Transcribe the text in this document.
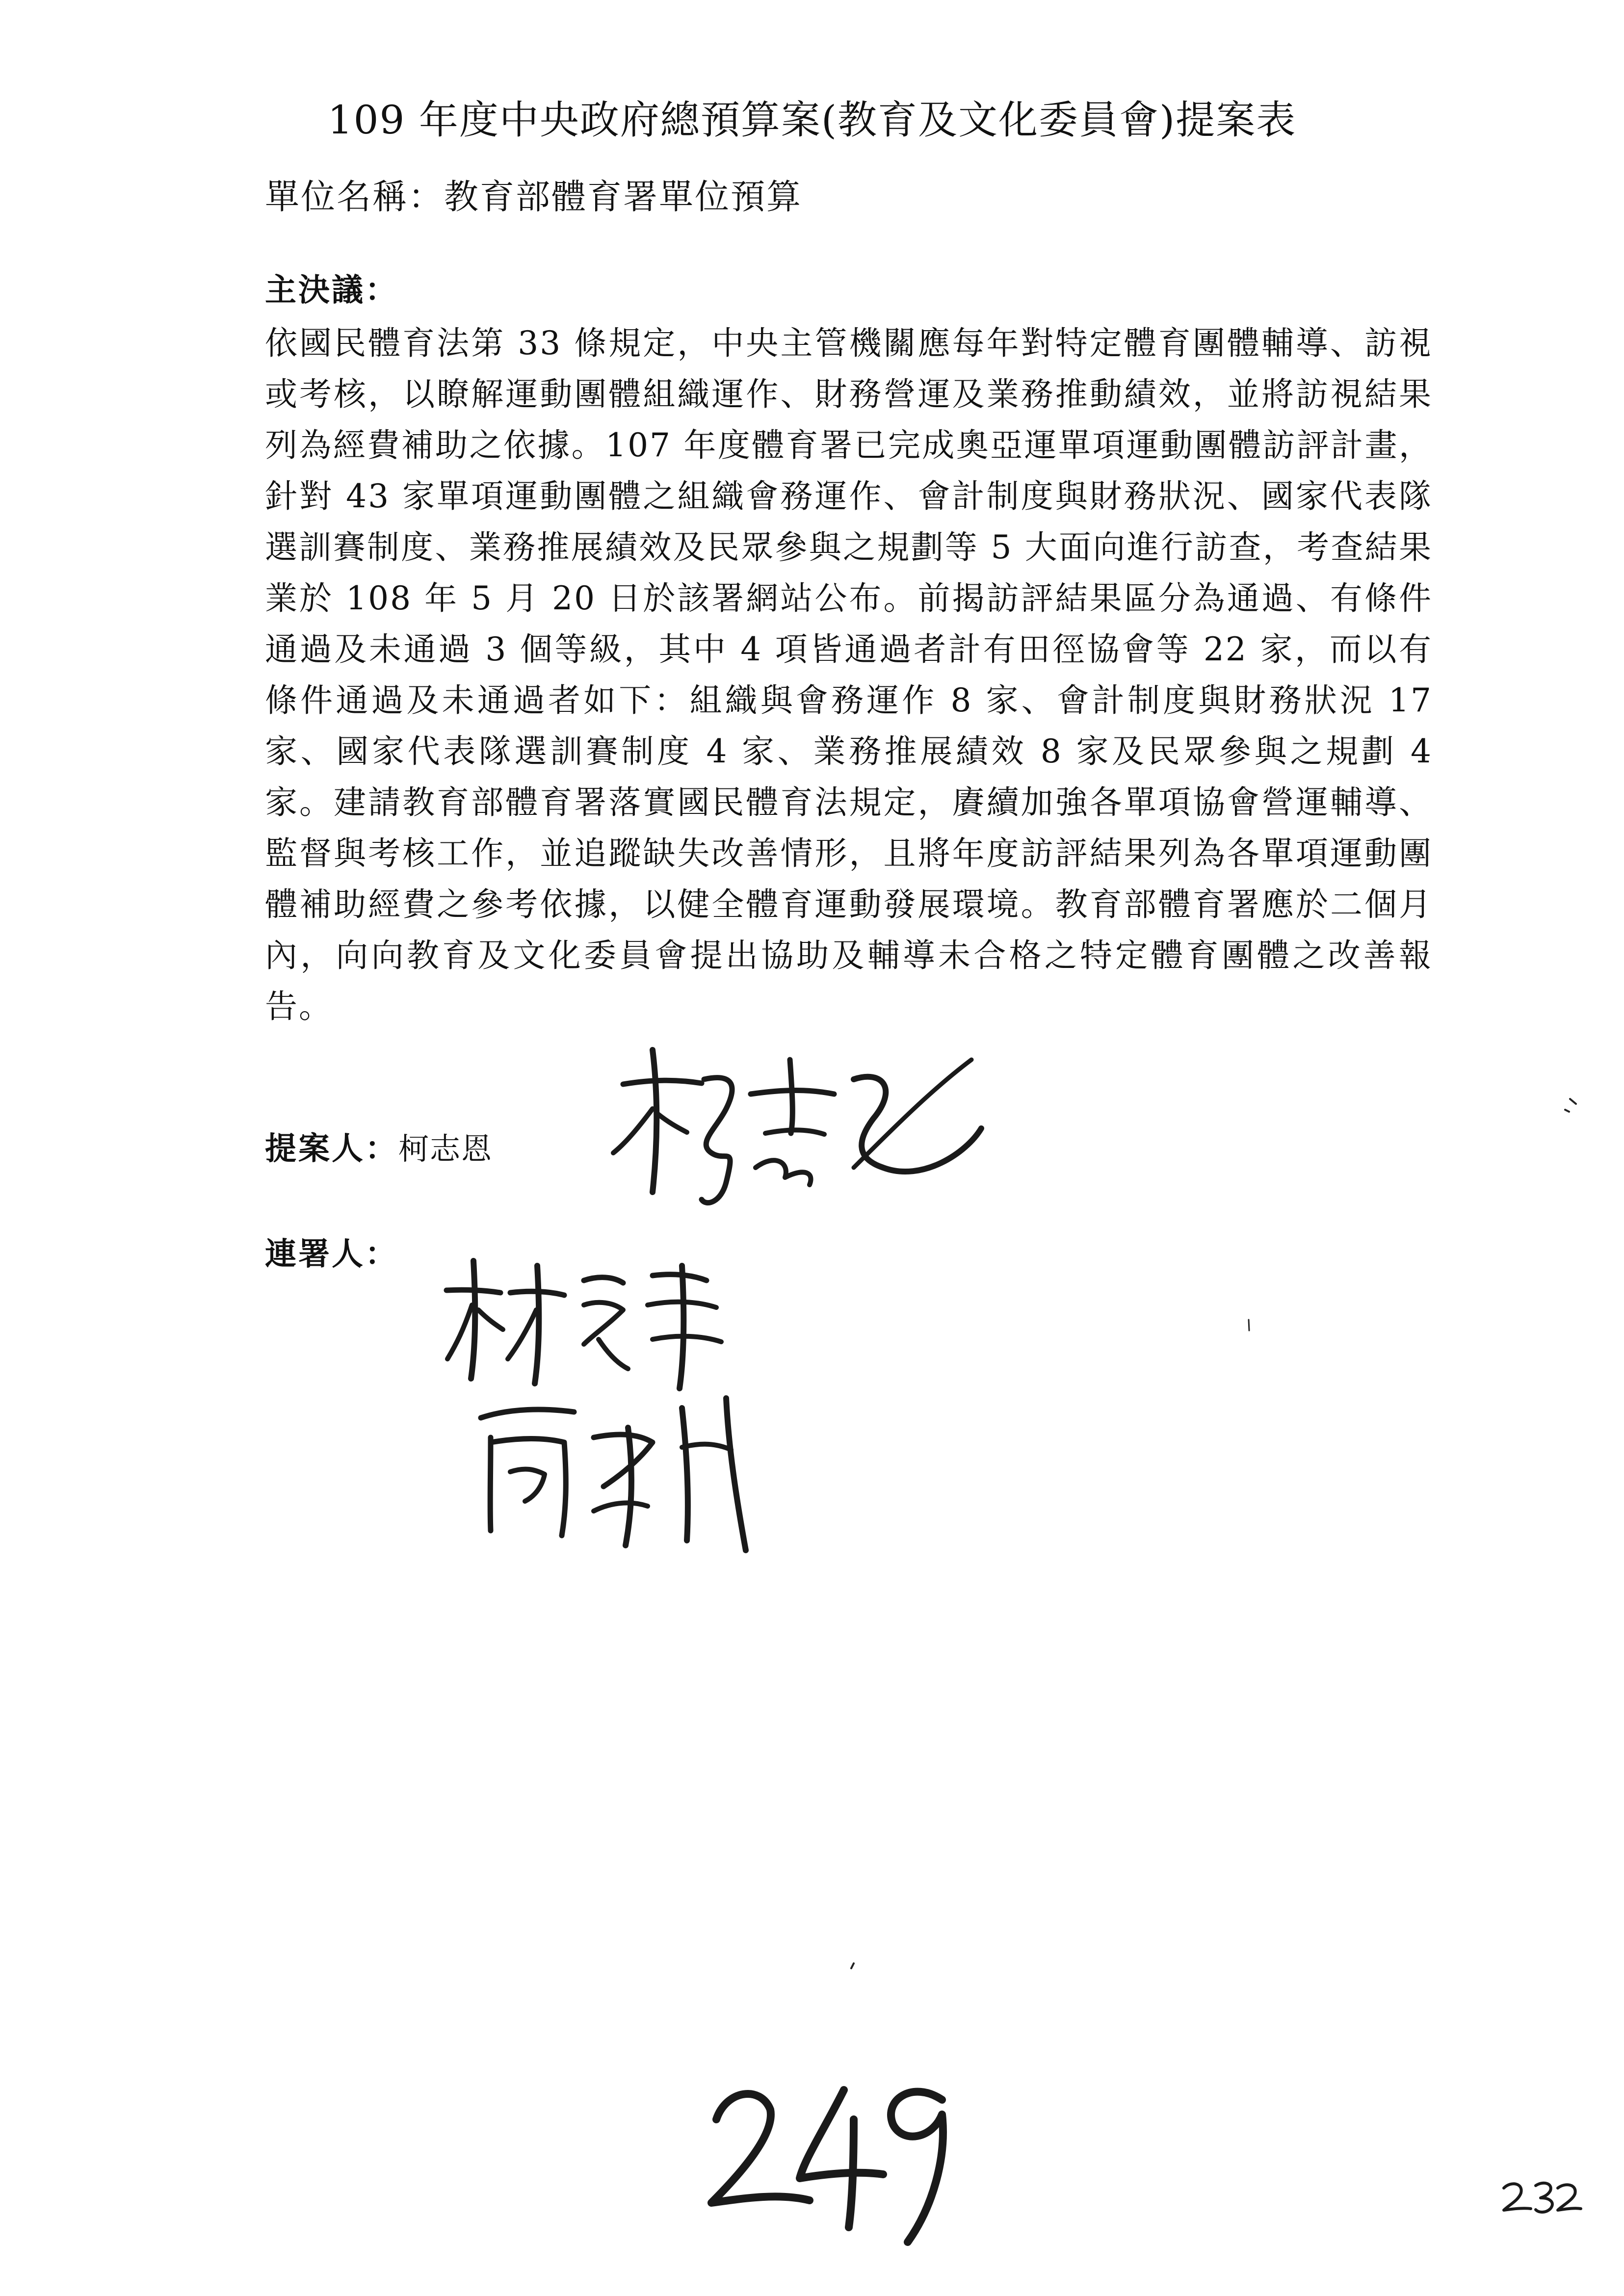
109 年度中央政府總預算案(教育及文化委員會)提案表
單位名稱：教育部體育署單位預算
主決議：
依國民體育法第 33 條規定，中央主管機關應每年對特定體育團體輔導、訪視或考核，以瞭解運動團體組織運作、財務營運及業務推動績效，並將訪視結果列為經費補助之依據。107 年度體育署已完成奧亞運單項運動團體訪評計畫，針對 43 家單項運動團體之組織會務運作、會計制度與財務狀況、國家代表隊選訓賽制度、業務推展績效及民眾參與之規劃等 5 大面向進行訪查，考查結果業於 108 年 5 月 20 日於該署網站公布。前揭訪評結果區分為通過、有條件通過及未通過 3 個等級，其中 4 項皆通過者計有田徑協會等 22 家，而以有條件通過及未通過者如下：組織與會務運作 8 家、會計制度與財務狀況 17 家、國家代表隊選訓賽制度 4 家、業務推展績效 8 家及民眾參與之規劃 4 家。建請教育部體育署落實國民體育法規定，賡續加強各單項協會營運輔導、監督與考核工作，並追蹤缺失改善情形，且將年度訪評結果列為各單項運動團體補助經費之參考依據，以健全體育運動發展環境。教育部體育署應於二個月內，向向教育及文化委員會提出協助及輔導未合格之特定體育團體之改善報告。
提案人：柯志恩
連署人：
